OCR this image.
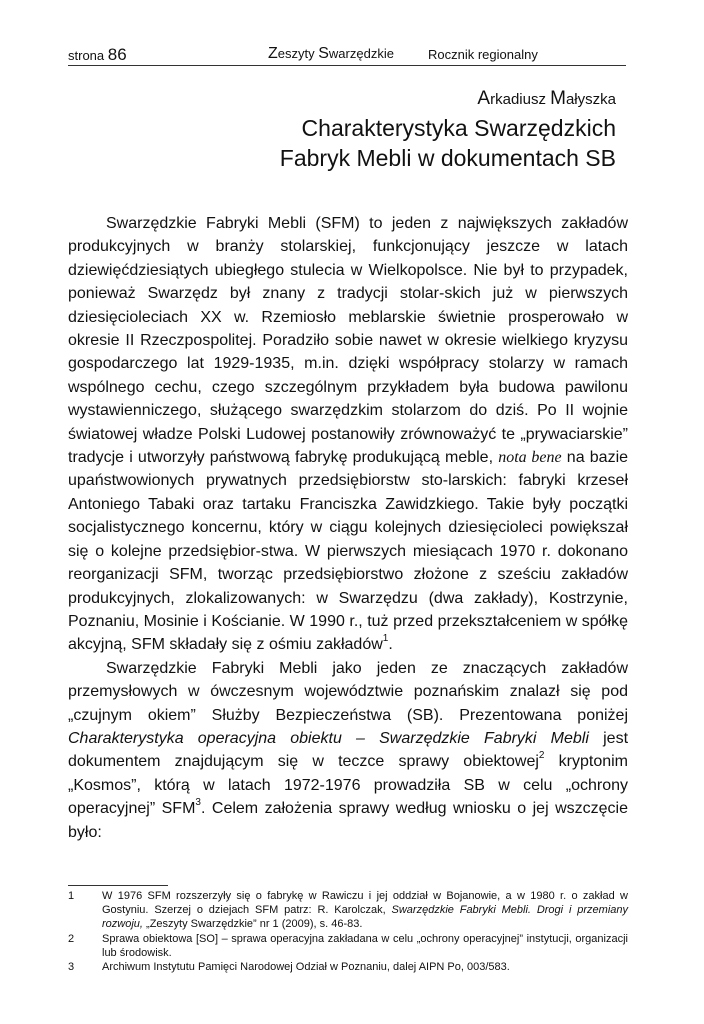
strona 86	Zeszyty Swarzędzkie	Rocznik regionalny
Arkadiusz Małyszka
Charakterystyka Swarzędzkich
Fabryk Mebli w dokumentach SB

Swarzędzkie Fabryki Mebli (SFM) to jeden z największych zakładów produkcyjnych w branży stolarskiej, funkcjonujący jeszcze w latach dziewięćdziesiątych ubiegłego stulecia w Wielkopolsce. Nie był to przypadek, ponieważ Swarzędz był znany z tradycji stolar-skich już w pierwszych dziesięcioleciach XX w. Rzemiosło meblarskie świetnie prosperowało w okresie II Rzeczpospolitej. Poradziło sobie nawet w okresie wielkiego kryzysu gospodarczego lat 1929-1935, m.in. dzięki współpracy stolarzy w ramach wspólnego cechu, czego szczególnym przykładem była budowa pawilonu wystawienniczego, służącego swarzędzkim stolarzom do dziś. Po II wojnie światowej władze Polski Ludowej postanowiły zrównoważyć te „prywaciarskie” tradycje i utworzyły państwową fabrykę produkującą meble, nota bene na bazie upaństwowionych prywatnych przedsiębiorstw sto-larskich: fabryki krzeseł Antoniego Tabaki oraz tartaku Franciszka Zawidzkiego. Takie były początki socjalistycznego koncernu, który w ciągu kolejnych dziesięcioleci powiększał się o kolejne przedsiębior-stwa. W pierwszych miesiącach 1970 r. dokonano reorganizacji SFM, tworząc przedsiębiorstwo złożone z sześciu zakładów produkcyjnych, zlokalizowanych: w Swarzędzu (dwa zakłady), Kostrzynie, Poznaniu, Mosinie i Kościanie. W 1990 r., tuż przed przekształceniem w spółkę akcyjną, SFM składały się z ośmiu zakładów$^1$.

Swarzędzkie Fabryki Mebli jako jeden ze znaczących zakładów przemysłowych w ówczesnym województwie poznańskim znalazł się pod „czujnym okiem” Służby Bezpieczeństwa (SB). Prezentowana poniżej Charakterystyka operacyjna obiektu – Swarzędzkie Fabryki Mebli jest dokumentem znajdującym się w teczce sprawy obiektowej$^2$ kryptonim „Kosmos”, którą w latach 1972-1976 prowadziła SB w celu „ochrony operacyjnej” SFM$^3$. Celem założenia sprawy według wniosku o jej wszczęcie było:

1	W 1976 SFM rozszerzyły się o fabrykę w Rawiczu i jej oddział w Bojanowie, a w 1980 r. o zakład w Gostyniu. Szerzej o dziejach SFM patrz: R. Karolczak, Swarzędzkie Fabryki Mebli. Drogi i przemiany rozwoju, „Zeszyty Swarzędzkie” nr 1 (2009), s. 46-83.
2	Sprawa obiektowa [SO] – sprawa operacyjna zakładana w celu „ochrony operacyjnej” instytucji, organizacji lub środowisk.
3	Archiwum Instytutu Pamięci Narodowej Odział w Poznaniu, dalej AIPN Po, 003/583.
